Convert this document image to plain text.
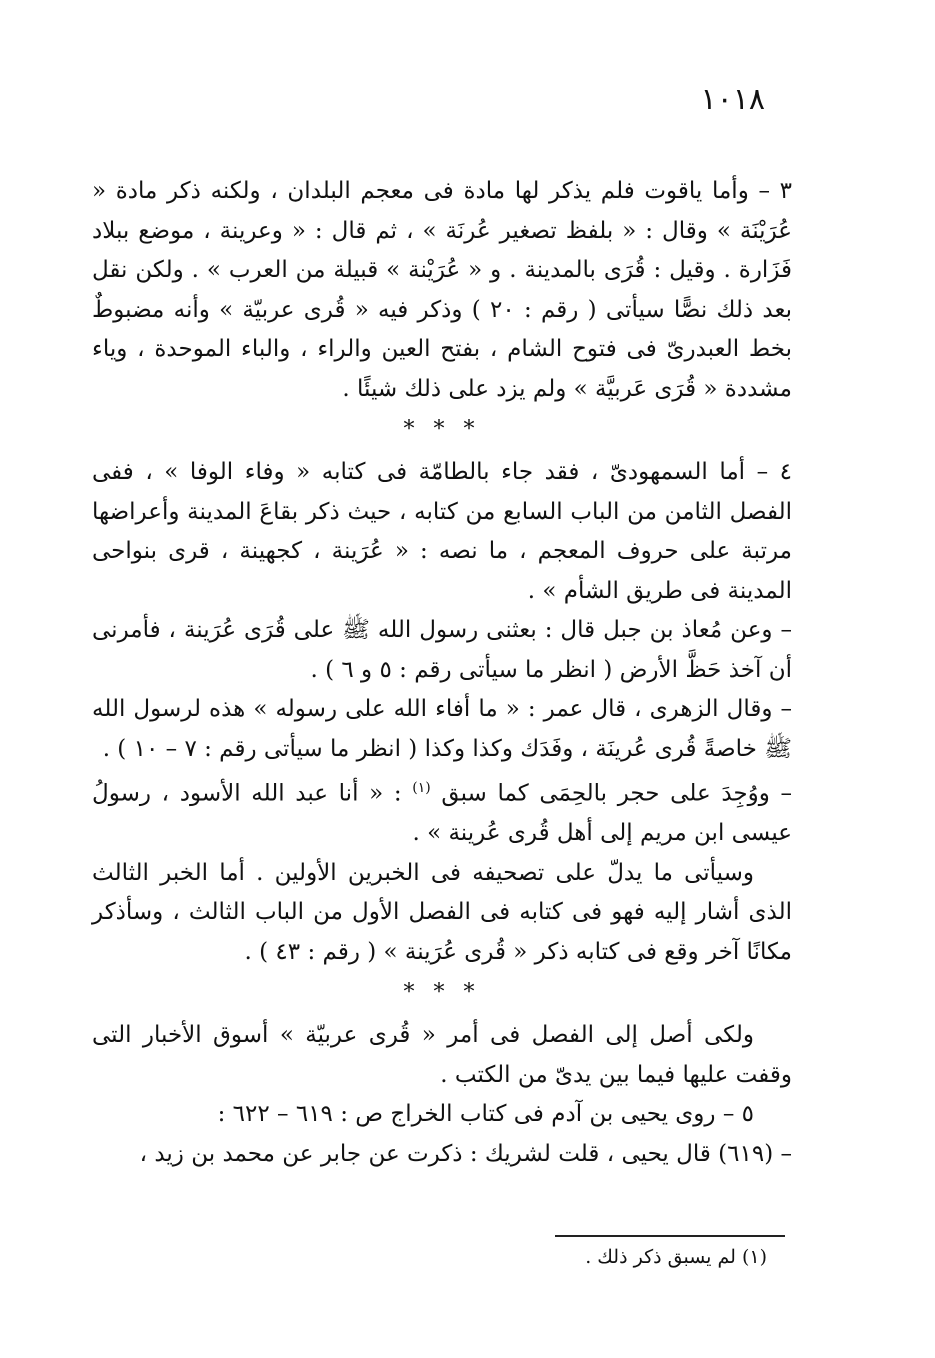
١٠١٨

٣ – وأما ياقوت فلم يذكر لها مادة فى معجم البلدان ، ولكنه ذكر مادة « عُرَيْنَة » وقال : « بلفظ تصغير عُرنَة » ، ثم قال : « وعرينة ، موضع ببلاد فَزَارة . وقيل : قُرَى بالمدينة . و « عُرَيْنة » قبيلة من العرب » . ولكن نقل بعد ذلك نصًّا سيأتى ( رقم : ٢٠ ) وذكر فيه « قُرى عربيّة » وأنه مضبوطٌ بخط العبدرىّ فى فتوح الشام ، بفتح العين والراء ، والباء الموحدة ، وياء مشددة « قُرَى عَربيَّة » ولم يزد على ذلك شيئًا .

* * *

٤ – أما السمهودىّ ، فقد جاء بالطامّة فى كتابه « وفاء الوفا » ، ففى الفصل الثامن من الباب السابع من كتابه ، حيث ذكر بقاعَ المدينة وأعراضها مرتبة على حروف المعجم ، ما نصه : « عُرَينة ، كجهينة ، قرى بنواحى المدينة فى طريق الشأم » .

– وعن مُعاذ بن جبل قال : بعثنى رسول الله ﷺ على قُرَى عُرَينة ، فأمرنى أن آخذ حَظَّ الأرض ( انظر ما سيأتى رقم : ٥ و ٦ ) .

– وقال الزهرى ، قال عمر : « ما أفاء الله على رسوله » هذه لرسول الله ﷺ خاصةً قُرى عُرينَة ، وفَدَك وكذا وكذا ( انظر ما سيأتى رقم : ٧ – ١٠ ) .

– ووُجِدَ على حجر بالحِمَى كما سبق $^{(١)}$ : « أنا عبد الله الأسود ، رسولُ عيسى ابن مريم إلى أهل قُرى عُرينة » .

وسيأتى ما يدلّ على تصحيفه فى الخبرين الأولين . أما الخبر الثالث الذى أشار إليه فهو فى كتابه فى الفصل الأول من الباب الثالث ، وسأذكر مكانًا آخر وقع فى كتابه ذكر « قُرى عُرَينة » ( رقم : ٤٣ ) .

* * *

ولكى أصل إلى الفصل فى أمر « قُرى عربيّة » أسوق الأخبار التى وقفت عليها فيما بين يدىّ من الكتب .

٥ – روى يحيى بن آدم فى كتاب الخراج ص : ٦١٩ – ٦٢٢ :

– (٦١٩) قال يحيى ، قلت لشريك : ذكرت عن جابر عن محمد بن زيد ،

(١) لم يسبق ذكر ذلك .
